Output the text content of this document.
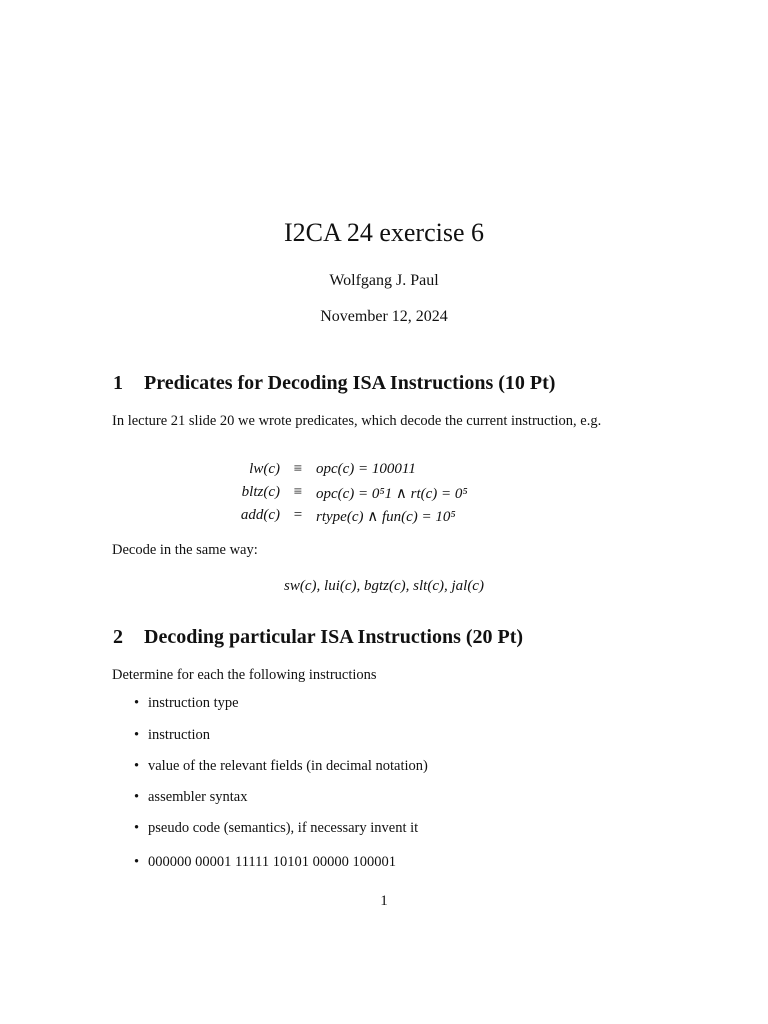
I2CA 24 exercise 6
Wolfgang J. Paul
November 12, 2024
1 Predicates for Decoding ISA Instructions (10 Pt)
In lecture 21 slide 20 we wrote predicates, which decode the current instruction, e.g.
lw(c) ≡ opc(c) = 100011
bltz(c) ≡ opc(c) = 0⁵1 ∧ rt(c) = 0⁵
add(c) = rtype(c) ∧ fun(c) = 10⁵
Decode in the same way:
sw(c), lui(c), bgtz(c), slt(c), jal(c)
2 Decoding particular ISA Instructions (20 Pt)
Determine for each the following instructions
• instruction type
• instruction
• value of the relevant fields (in decimal notation)
• assembler syntax
• pseudo code (semantics), if necessary invent it
• 000000 00001 11111 10101 00000 100001
1
